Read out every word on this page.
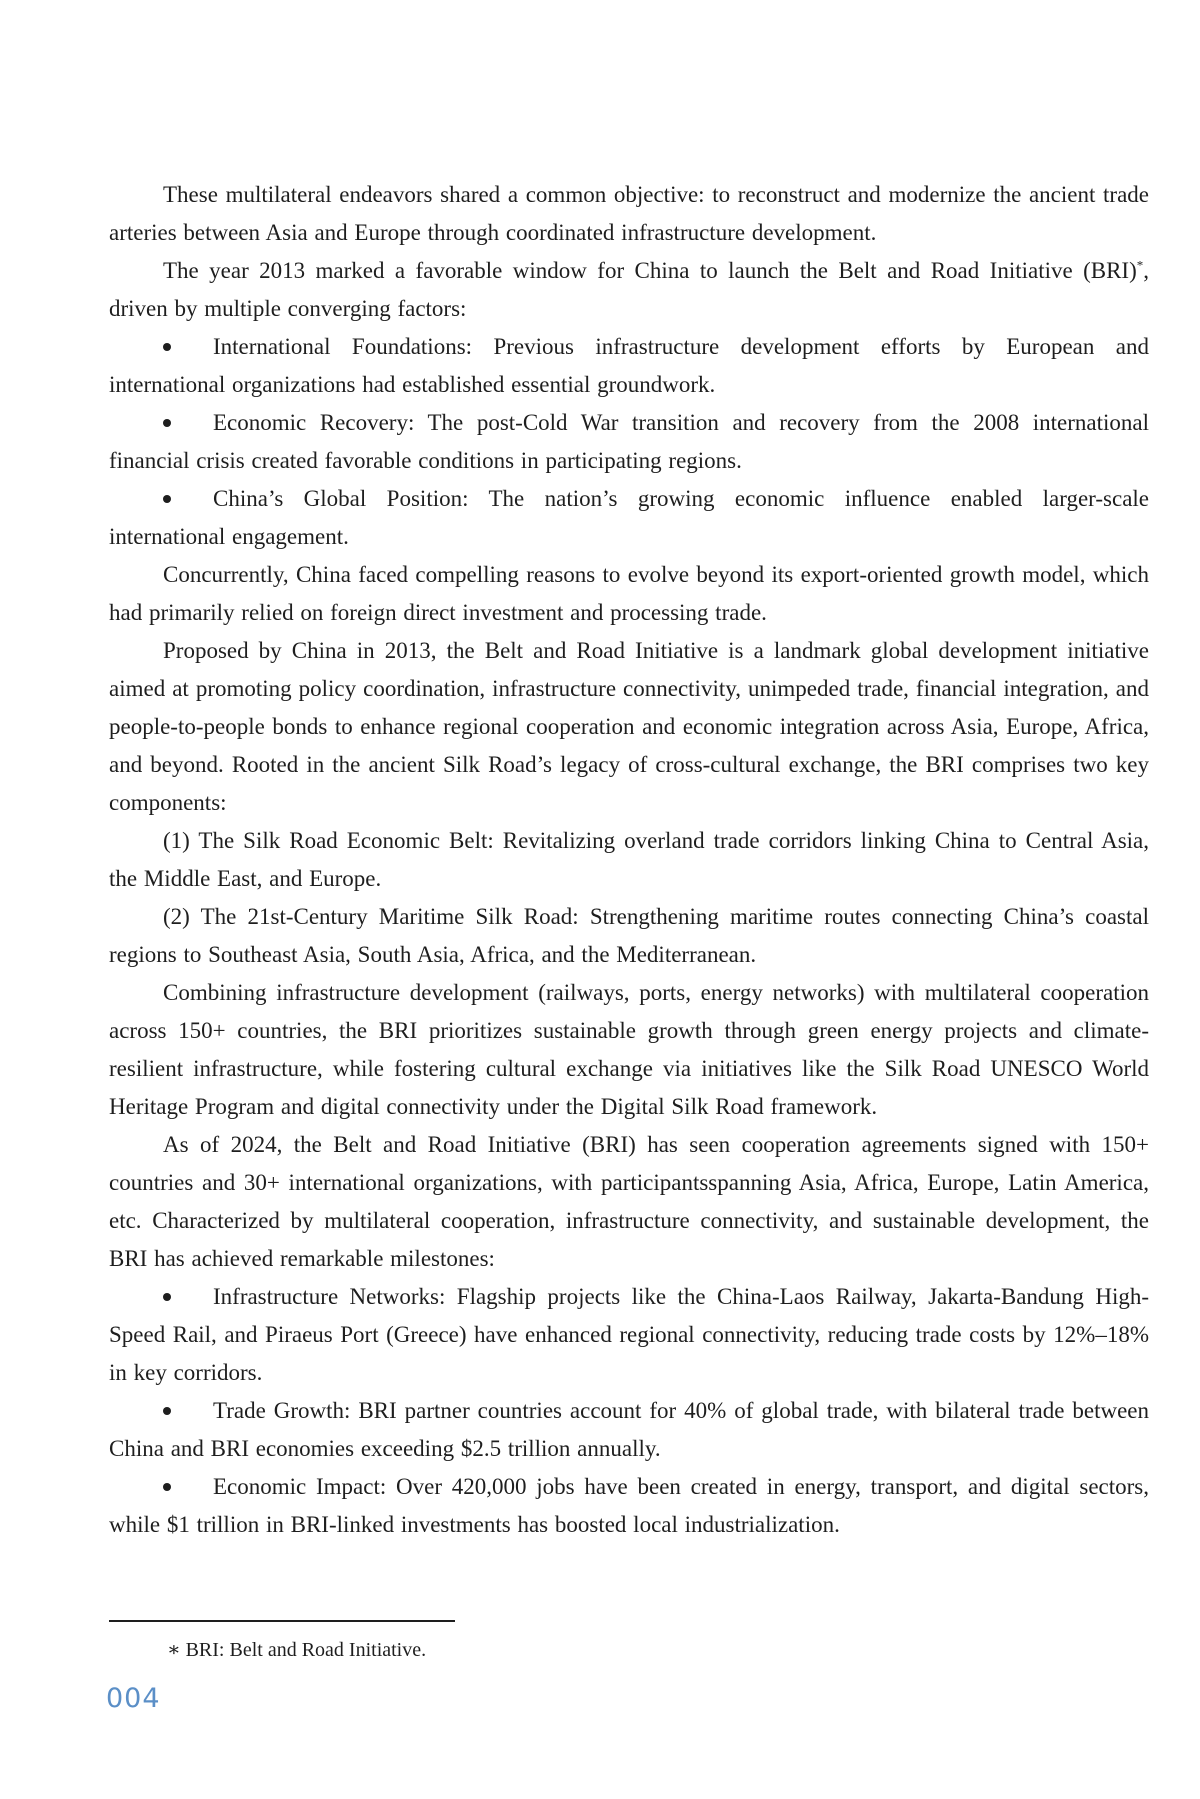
These multilateral endeavors shared a common objective: to reconstruct and modernize the ancient trade arteries between Asia and Europe through coordinated infrastructure development.

The year 2013 marked a favorable window for China to launch the Belt and Road Initiative (BRI)*, driven by multiple converging factors:

International Foundations: Previous infrastructure development efforts by European and international organizations had established essential groundwork.

Economic Recovery: The post-Cold War transition and recovery from the 2008 international financial crisis created favorable conditions in participating regions.

China’s Global Position: The nation’s growing economic influence enabled larger-scale international engagement.

Concurrently, China faced compelling reasons to evolve beyond its export-oriented growth model, which had primarily relied on foreign direct investment and processing trade.

Proposed by China in 2013, the Belt and Road Initiative is a landmark global development initiative aimed at promoting policy coordination, infrastructure connectivity, unimpeded trade, financial integration, and people-to-people bonds to enhance regional cooperation and economic integration across Asia, Europe, Africa, and beyond. Rooted in the ancient Silk Road’s legacy of cross-cultural exchange, the BRI comprises two key components:

(1) The Silk Road Economic Belt: Revitalizing overland trade corridors linking China to Central Asia, the Middle East, and Europe.

(2) The 21st-Century Maritime Silk Road: Strengthening maritime routes connecting China’s coastal regions to Southeast Asia, South Asia, Africa, and the Mediterranean.

Combining infrastructure development (railways, ports, energy networks) with multilateral cooperation across 150+ countries, the BRI prioritizes sustainable growth through green energy projects and climate-resilient infrastructure, while fostering cultural exchange via initiatives like the Silk Road UNESCO World Heritage Program and digital connectivity under the Digital Silk Road framework.

As of 2024, the Belt and Road Initiative (BRI) has seen cooperation agreements signed with 150+ countries and 30+ international organizations, with participantsspanning Asia, Africa, Europe, Latin America, etc. Characterized by multilateral cooperation, infrastructure connectivity, and sustainable development, the BRI has achieved remarkable milestones:

Infrastructure Networks: Flagship projects like the China-Laos Railway, Jakarta-Bandung High-Speed Rail, and Piraeus Port (Greece) have enhanced regional connectivity, reducing trade costs by 12%–18% in key corridors.

Trade Growth: BRI partner countries account for 40% of global trade, with bilateral trade between China and BRI economies exceeding $2.5 trillion annually.

Economic Impact: Over 420,000 jobs have been created in energy, transport, and digital sectors, while $1 trillion in BRI-linked investments has boosted local industrialization.

∗ BRI: Belt and Road Initiative.

004
